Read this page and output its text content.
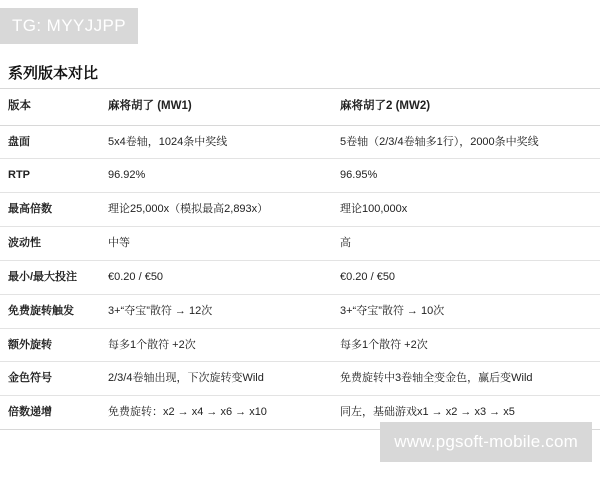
TG: MYYJJPP
系列版本对比
版本	麻将胡了 (MW1)	麻将胡了2 (MW2)
盘面	5x4卷轴，1024条中奖线	5卷轴（2/3/4卷轴多1行），2000条中奖线
RTP	96.92%	96.95%
最高倍数	理论25,000x（模拟最高2,893x）	理论100,000x
波动性	中等	高
最小/最大投注	€0.20 / €50	€0.20 / €50
免费旋转触发	3+“夺宝”散符 → 12次	3+“夺宝”散符 → 10次
额外旋转	每多1个散符 +2次	每多1个散符 +2次
金色符号	2/3/4卷轴出现，下次旋转变Wild	免费旋转中3卷轴全变金色，赢后变Wild
倍数递增	免费旋转：x2 → x4 → x6 → x10	同左，基础游戏x1 → x2 → x3 → x5
www.pgsoft-mobile.com
